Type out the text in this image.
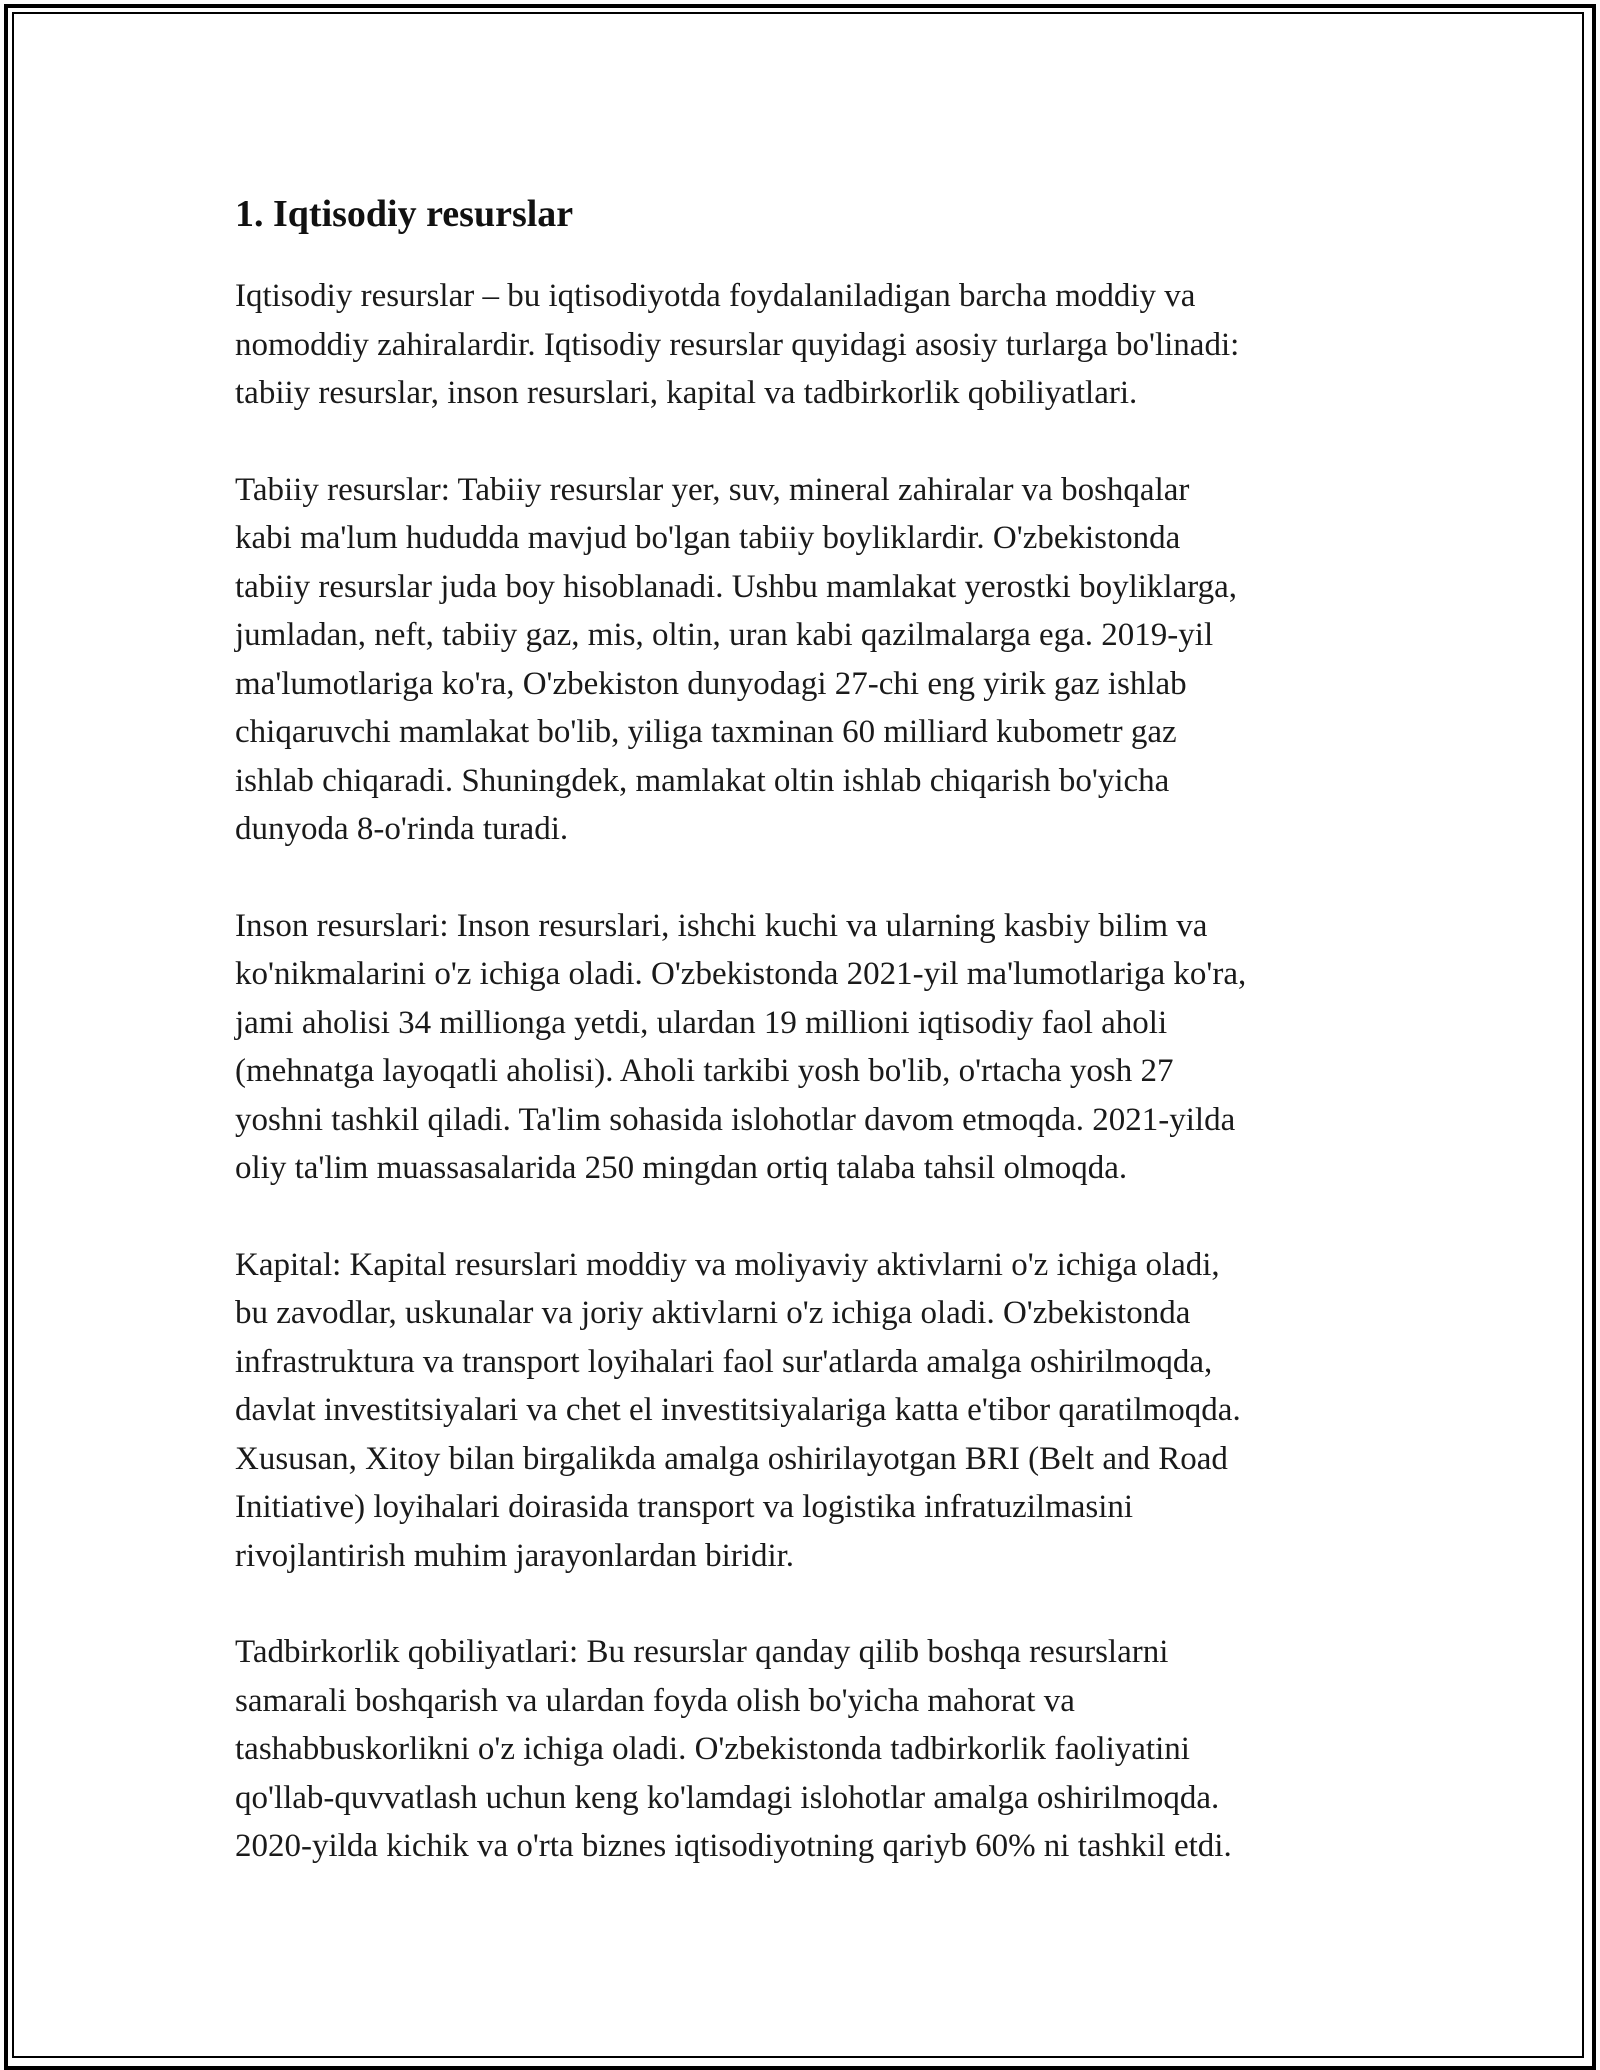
1. Iqtisodiy resurslar

Iqtisodiy resurslar – bu iqtisodiyotda foydalaniladigan barcha moddiy va
nomoddiy zahiralardir. Iqtisodiy resurslar quyidagi asosiy turlarga bo'linadi:
tabiiy resurslar, inson resurslari, kapital va tadbirkorlik qobiliyatlari.

Tabiiy resurslar: Tabiiy resurslar yer, suv, mineral zahiralar va boshqalar
kabi ma'lum hududda mavjud bo'lgan tabiiy boyliklardir. O'zbekistonda
tabiiy resurslar juda boy hisoblanadi. Ushbu mamlakat yerostki boyliklarga,
jumladan, neft, tabiiy gaz, mis, oltin, uran kabi qazilmalarga ega. 2019-yil
ma'lumotlariga ko'ra, O'zbekiston dunyodagi 27-chi eng yirik gaz ishlab
chiqaruvchi mamlakat bo'lib, yiliga taxminan 60 milliard kubometr gaz
ishlab chiqaradi. Shuningdek, mamlakat oltin ishlab chiqarish bo'yicha
dunyoda 8-o'rinda turadi.

Inson resurslari: Inson resurslari, ishchi kuchi va ularning kasbiy bilim va
ko'nikmalarini o'z ichiga oladi. O'zbekistonda 2021-yil ma'lumotlariga ko'ra,
jami aholisi 34 millionga yetdi, ulardan 19 millioni iqtisodiy faol aholi
(mehnatga layoqatli aholisi). Aholi tarkibi yosh bo'lib, o'rtacha yosh 27
yoshni tashkil qiladi. Ta'lim sohasida islohotlar davom etmoqda. 2021-yilda
oliy ta'lim muassasalarida 250 mingdan ortiq talaba tahsil olmoqda.

Kapital: Kapital resurslari moddiy va moliyaviy aktivlarni o'z ichiga oladi,
bu zavodlar, uskunalar va joriy aktivlarni o'z ichiga oladi. O'zbekistonda
infrastruktura va transport loyihalari faol sur'atlarda amalga oshirilmoqda,
davlat investitsiyalari va chet el investitsiyalariga katta e'tibor qaratilmoqda.
Xususan, Xitoy bilan birgalikda amalga oshirilayotgan BRI (Belt and Road
Initiative) loyihalari doirasida transport va logistika infratuzilmasini
rivojlantirish muhim jarayonlardan biridir.

Tadbirkorlik qobiliyatlari: Bu resurslar qanday qilib boshqa resurslarni
samarali boshqarish va ulardan foyda olish bo'yicha mahorat va
tashabbuskorlikni o'z ichiga oladi. O'zbekistonda tadbirkorlik faoliyatini
qo'llab-quvvatlash uchun keng ko'lamdagi islohotlar amalga oshirilmoqda.
2020-yilda kichik va o'rta biznes iqtisodiyotning qariyb 60% ni tashkil etdi.
